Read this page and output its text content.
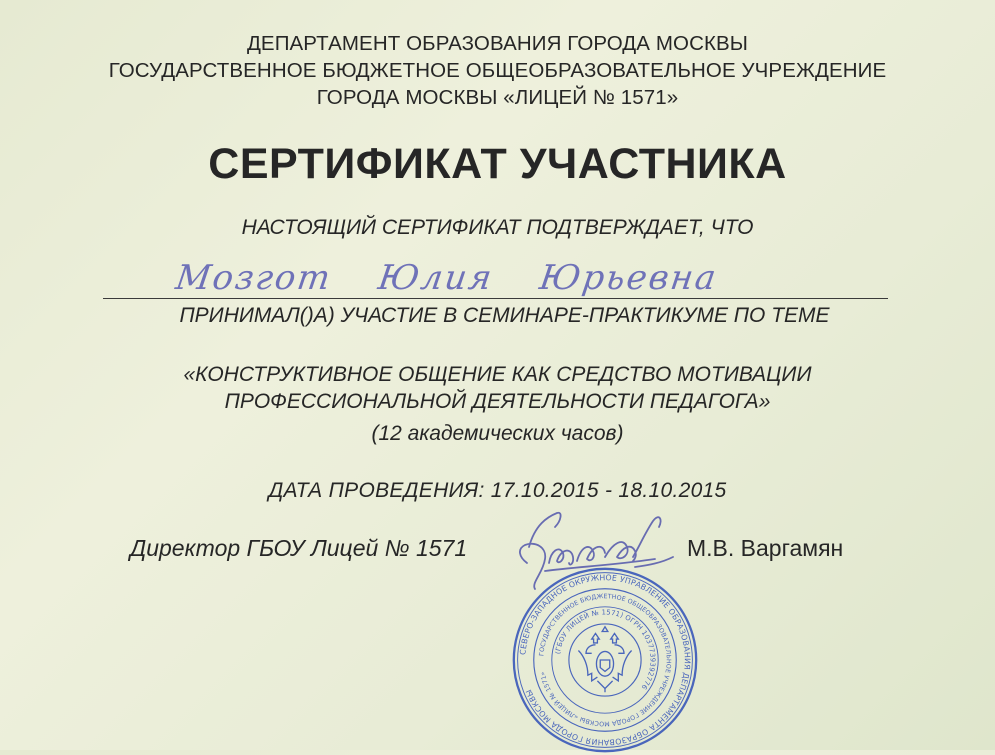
ДЕПАРТАМЕНТ ОБРАЗОВАНИЯ ГОРОДА МОСКВЫ
ГОСУДАРСТВЕННОЕ БЮДЖЕТНОЕ ОБЩЕОБРАЗОВАТЕЛЬНОЕ УЧРЕЖДЕНИЕ
ГОРОДА МОСКВЫ «ЛИЦЕЙ № 1571»
СЕРТИФИКАТ УЧАСТНИКА
НАСТОЯЩИЙ СЕРТИФИКАТ ПОДТВЕРЖДАЕТ, ЧТО
Мозгот Юлия Юрьевна
ПРИНИМАЛ()А) УЧАСТИЕ В СЕМИНАРЕ-ПРАКТИКУМЕ ПО ТЕМЕ
«КОНСТРУКТИВНОЕ ОБЩЕНИЕ КАК СРЕДСТВО МОТИВАЦИИ
ПРОФЕССИОНАЛЬНОЙ ДЕЯТЕЛЬНОСТИ ПЕДАГОГА»
(12 академических часов)
ДАТА ПРОВЕДЕНИЯ: 17.10.2015 - 18.10.2015
Директор ГБОУ Лицей № 1571	М.В. Варгамян
СЕВЕРО-ЗАПАДНОЕ ОКРУЖНОЕ УПРАВЛЕНИЕ ОБРАЗОВАНИЯ ДЕПАРТАМЕНТА ОБРАЗОВАНИЯ ГОРОДА МОСКВЫ
ГОСУДАРСТВЕННОЕ БЮДЖЕТНОЕ ОБЩЕОБРАЗОВАТЕЛЬНОЕ УЧРЕЖДЕНИЕ ГОРОДА МОСКВЫ «ЛИЦЕЙ № 1571»
(ГБОУ ЛИЦЕЙ № 1571) ОГРН 1037739392776
